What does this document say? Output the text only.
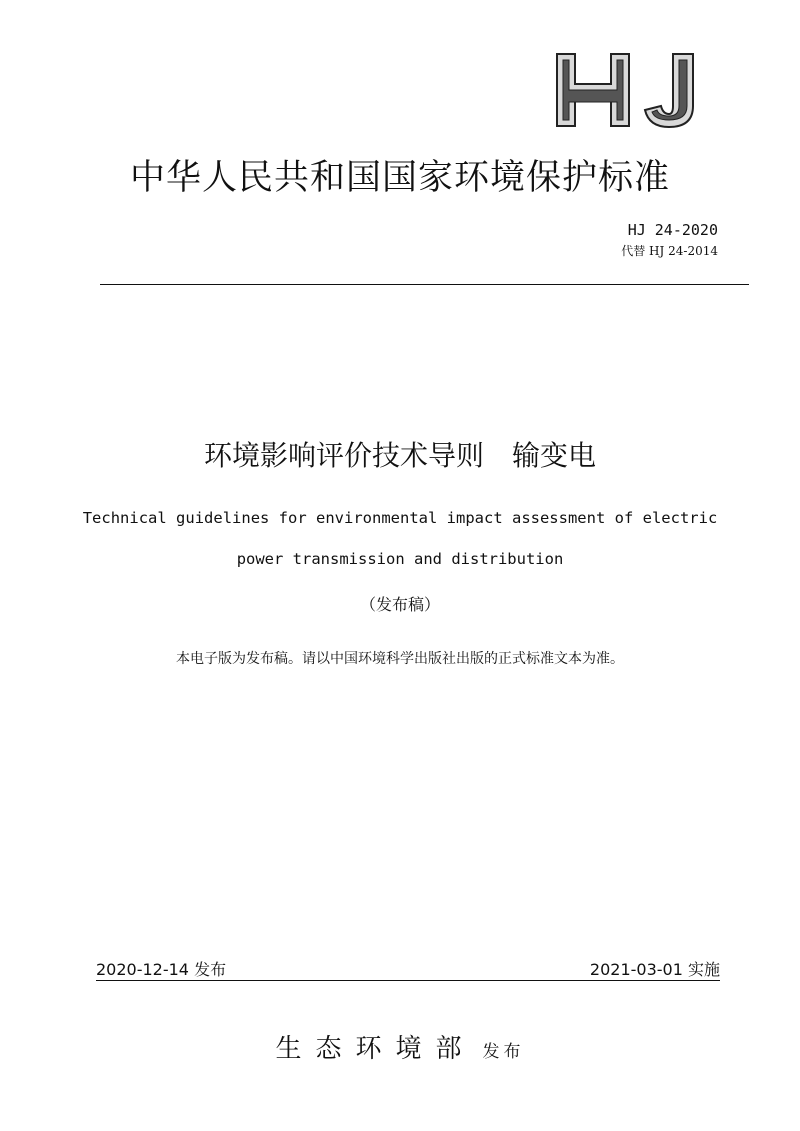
中华人民共和国国家环境保护标准
HJ 24-2020
代替 HJ 24-2014
环境影响评价技术导则　输变电
Technical guidelines for environmental impact assessment of electric
power transmission and distribution
（发布稿）
本电子版为发布稿。请以中国环境科学出版社出版的正式标准文本为准。
2020-12-14 发布	2021-03-01 实施
生态环境部 发布
